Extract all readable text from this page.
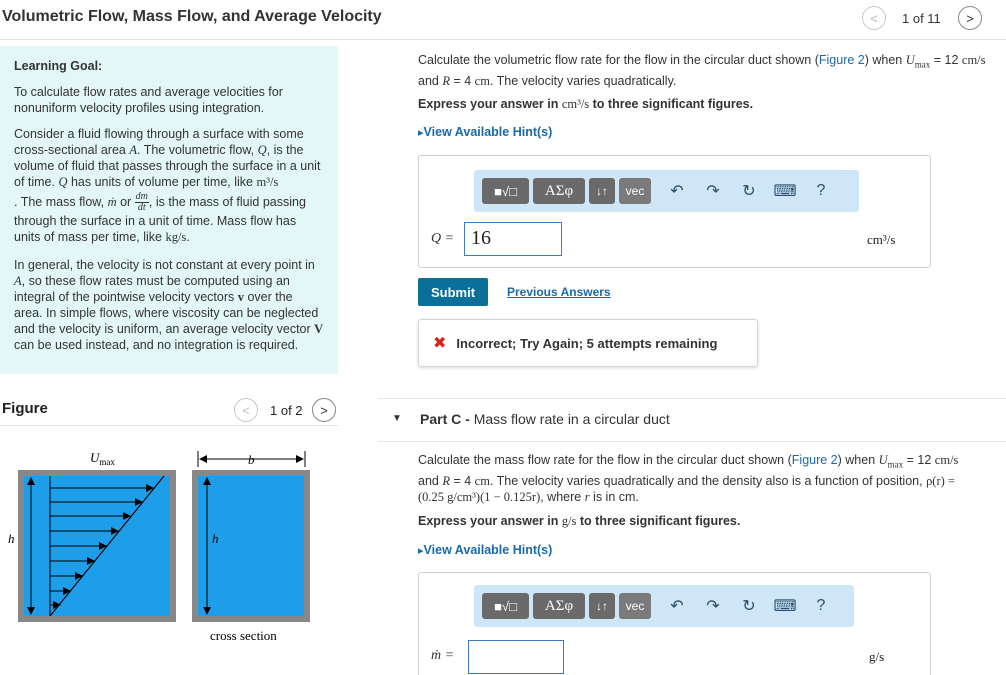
Volumetric Flow, Mass Flow, and Average Velocity	< 1 of 11 >
Learning Goal:

To calculate flow rates and average velocities for nonuniform velocity profiles using integration.

Consider a fluid flowing through a surface with some cross-sectional area A. The volumetric flow, Q, is the volume of fluid that passes through the surface in a unit of time. Q has units of volume per time, like m³/s

. The mass flow, ṁ or $\frac{dm}{dt}$ , is the mass of fluid passing through the surface in a unit of time. Mass flow has units of mass per time, like kg/s.

In general, the velocity is not constant at every point in A, so these flow rates must be computed using an integral of the pointwise velocity vectors v over the area. In simple flows, where viscosity can be neglected and the velocity is uniform, an average velocity vector V can be used instead, and no integration is required.

Figure	< 1 of 2 >
$U_{max}$
h
b
h
cross section
Calculate the volumetric flow rate for the flow in the circular duct shown (Figure 2) when $U_{max} = 12$ cm/s and R = 4 cm. The velocity varies quadratically.
Express your answer in cm³/s to three significant figures.
▸ View Available Hint(s)
■√□	ΑΣφ	↓↑	vec	↶	↷	↻	⌨	?
Q = 16	cm³/s
Submit	Previous Answers
✖ Incorrect; Try Again; 5 attempts remaining
▼ Part C - Mass flow rate in a circular duct
Calculate the mass flow rate for the flow in the circular duct shown (Figure 2) when $U_{max} = 12$ cm/s and R = 4 cm. The velocity varies quadratically and the density also is a function of position, ρ(r) = (0.25 g/cm³)(1 − 0.125r), where r is in cm.
Express your answer in g/s to three significant figures.
▸ View Available Hint(s)
■√□	ΑΣφ	↓↑	vec	↶	↷	↻	⌨	?
ṁ =	g/s
